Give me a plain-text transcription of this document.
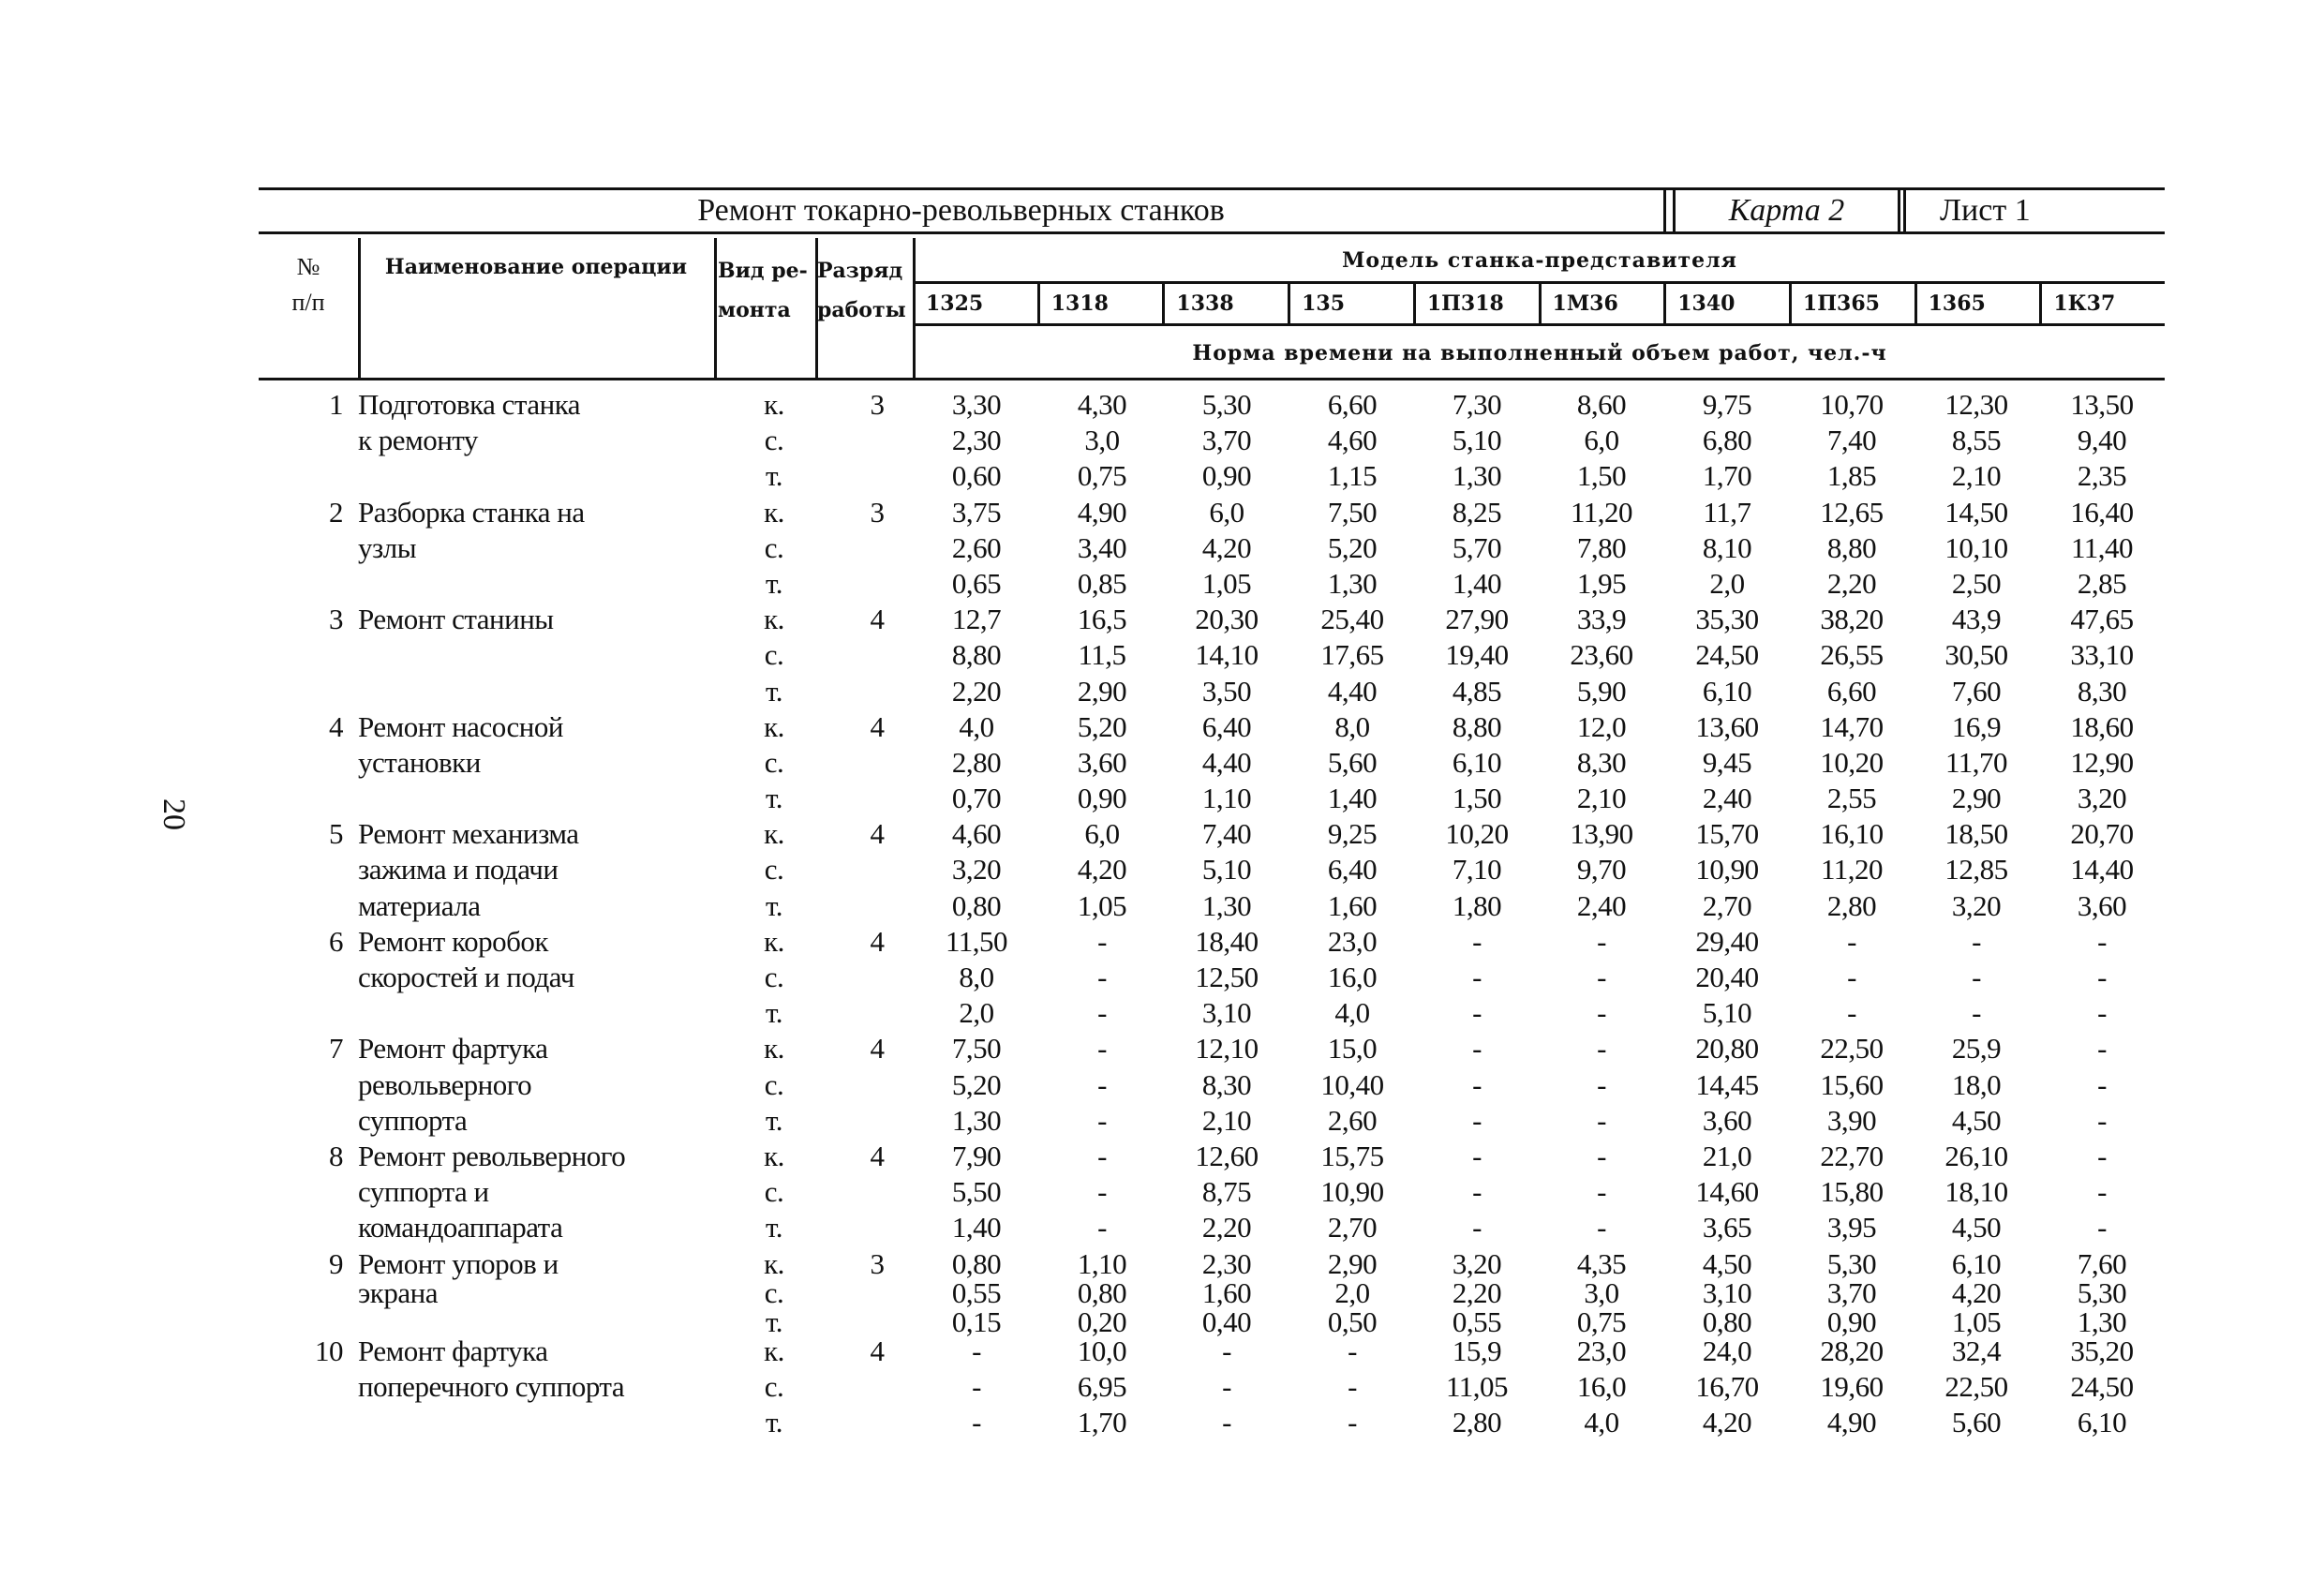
20
Ремонт токарно-револьверных станков	Карта 2	Лист 1
№
п/п
Наименование операции	Вид ре-
монта
Разряд
работы
Модель станка-представителя
1325	1318	1338	135	1П318	1М36	1340	1П365	1365	1К37
Норма времени на выполненный объем работ, чел.-ч
1 Подготовка станка	к.	3	3,30	4,30	5,30	6,60	7,30	8,60	9,75	10,70	12,30	13,50
к ремонту	с.	2,30	3,0	3,70	4,60	5,10	6,0	6,80	7,40	8,55	9,40
т.	0,60	0,75	0,90	1,15	1,30	1,50	1,70	1,85	2,10	2,35
2 Разборка станка на	к.	3	3,75	4,90	6,0	7,50	8,25	11,20	11,7	12,65	14,50	16,40
узлы	с.	2,60	3,40	4,20	5,20	5,70	7,80	8,10	8,80	10,10	11,40
т.	0,65	0,85	1,05	1,30	1,40	1,95	2,0	2,20	2,50	2,85
3 Ремонт станины	к.	4	12,7	16,5	20,30	25,40	27,90	33,9	35,30	38,20	43,9	47,65
с.	8,80	11,5	14,10	17,65	19,40	23,60	24,50	26,55	30,50	33,10
т.	2,20	2,90	3,50	4,40	4,85	5,90	6,10	6,60	7,60	8,30
4 Ремонт насосной	к.	4	4,0	5,20	6,40	8,0	8,80	12,0	13,60	14,70	16,9	18,60
установки	с.	2,80	3,60	4,40	5,60	6,10	8,30	9,45	10,20	11,70	12,90
т.	0,70	0,90	1,10	1,40	1,50	2,10	2,40	2,55	2,90	3,20
5 Ремонт механизма	к.	4	4,60	6,0	7,40	9,25	10,20	13,90	15,70	16,10	18,50	20,70
зажима и подачи	с.	3,20	4,20	5,10	6,40	7,10	9,70	10,90	11,20	12,85	14,40
материала	т.	0,80	1,05	1,30	1,60	1,80	2,40	2,70	2,80	3,20	3,60
6 Ремонт коробок	к.	4	11,50	-	18,40	23,0	-	-	29,40	-	-	-
скоростей и подач	с.	8,0	-	12,50	16,0	-	-	20,40	-	-	-
т.	2,0	-	3,10	4,0	-	-	5,10	-	-	-
7 Ремонт фартука	к.	4	7,50	-	12,10	15,0	-	-	20,80	22,50	25,9	-
револьверного	с.	5,20	-	8,30	10,40	-	-	14,45	15,60	18,0	-
суппорта	т.	1,30	-	2,10	2,60	-	-	3,60	3,90	4,50	-
8 Ремонт револьверного	к.	4	7,90	-	12,60	15,75	-	-	21,0	22,70	26,10	-
суппорта и	с.	5,50	-	8,75	10,90	-	-	14,60	15,80	18,10	-
командоаппарата	т.	1,40	-	2,20	2,70	-	-	3,65	3,95	4,50	-
9 Ремонт упоров и	к.	3	0,80	1,10	2,30	2,90	3,20	4,35	4,50	5,30	6,10	7,60
экрана	с.	0,55	0,80	1,60	2,0	2,20	3,0	3,10	3,70	4,20	5,30
т.	0,15	0,20	0,40	0,50	0,55	0,75	0,80	0,90	1,05	1,30
10 Ремонт фартука	к.	4	-	10,0	-	-	15,9	23,0	24,0	28,20	32,4	35,20
поперечного суппорта	с.	-	6,95	-	-	11,05	16,0	16,70	19,60	22,50	24,50
т.	-	1,70	-	-	2,80	4,0	4,20	4,90	5,60	6,10
